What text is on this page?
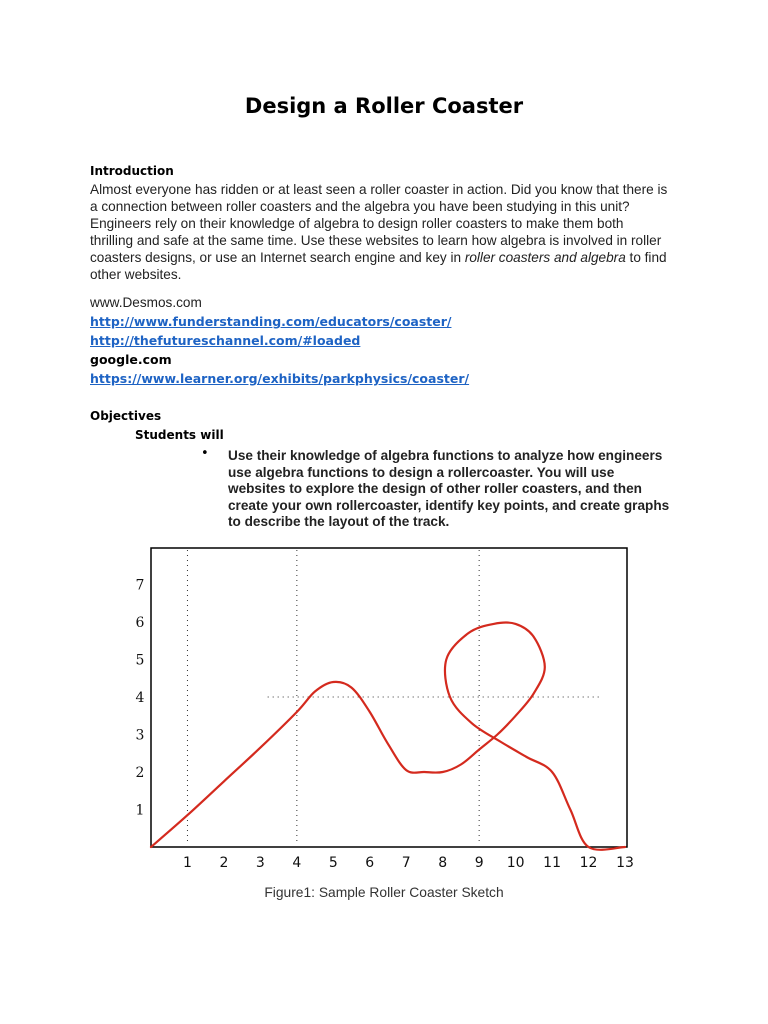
Design a Roller Coaster
Introduction
Almost everyone has ridden or at least seen a roller coaster in action. Did you know that there is
a connection between roller coasters and the algebra you have been studying in this unit?
Engineers rely on their knowledge of algebra to design roller coasters to make them both
thrilling and safe at the same time. Use these websites to learn how algebra is involved in roller
coasters designs, or use an Internet search engine and key in roller coasters and algebra to find
other websites.
www.Desmos.com
http://www.funderstanding.com/educators/coaster/
http://thefutureschannel.com/#loaded
google.com
https://www.learner.org/exhibits/parkphysics/coaster/
Objectives
Students will
• Use their knowledge of algebra functions to analyze how engineers
use algebra functions to design a rollercoaster. You will use
websites to explore the design of other roller coasters, and then
create your own rollercoaster, identify key points, and create graphs
to describe the layout of the track.
1 2 3 4 5 6 7 8 9 10 11 12 13
1
2
3
4
5
6
7
Figure1: Sample Roller Coaster Sketch
